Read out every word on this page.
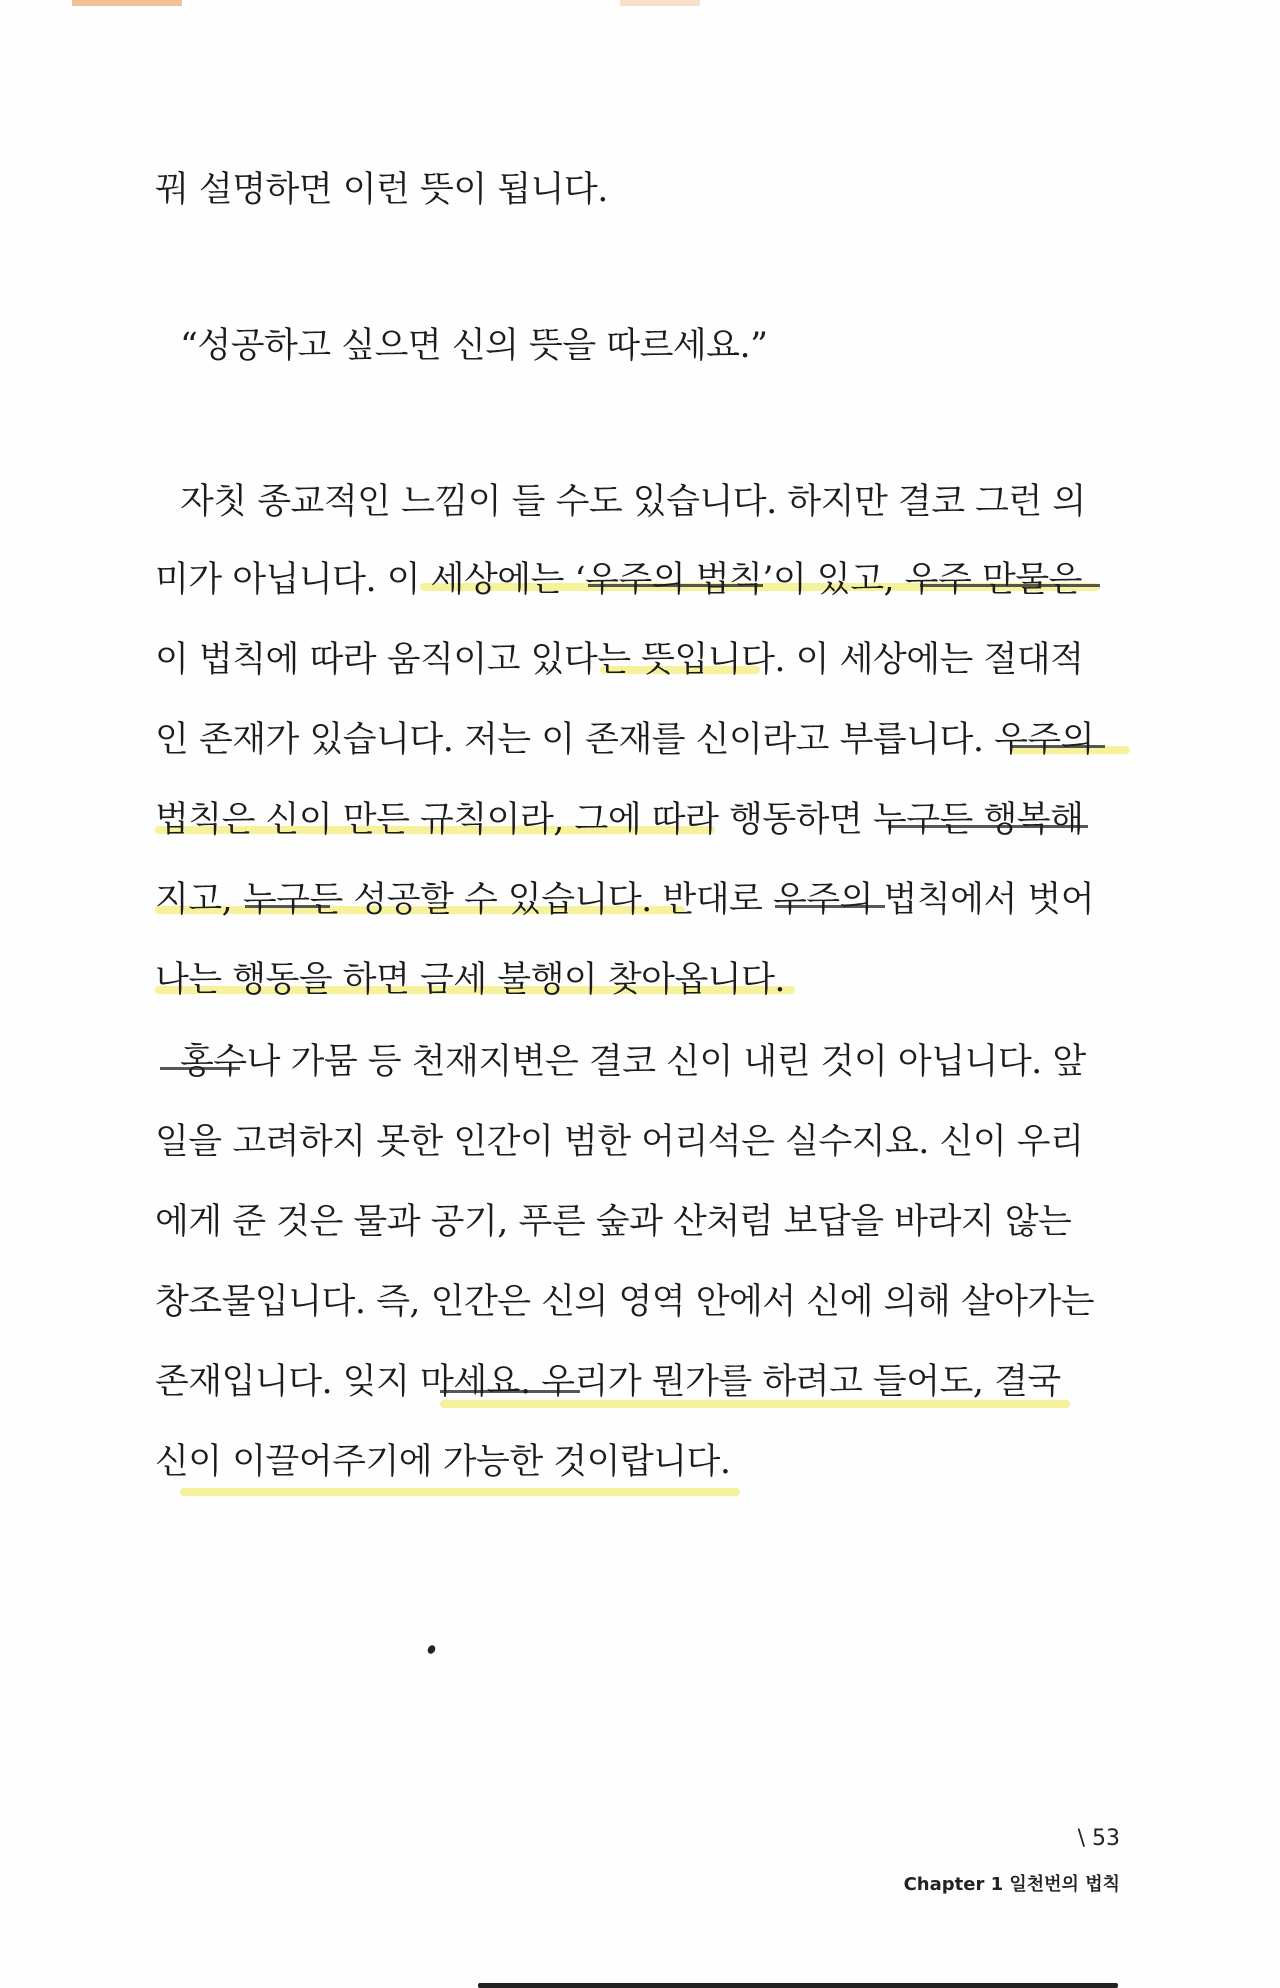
꿔 설명하면 이런 뜻이 됩니다.
“성공하고 싶으면 신의 뜻을 따르세요.”
자칫 종교적인 느낌이 들 수도 있습니다. 하지만 결코 그런 의
미가 아닙니다. 이 세상에는 ‘우주의 법칙’이 있고, 우주 만물은
이 법칙에 따라 움직이고 있다는 뜻입니다. 이 세상에는 절대적
인 존재가 있습니다. 저는 이 존재를 신이라고 부릅니다. 우주의
법칙은 신이 만든 규칙이라, 그에 따라 행동하면 누구든 행복해
지고, 누구든 성공할 수 있습니다. 반대로 우주의 법칙에서 벗어
나는 행동을 하면 금세 불행이 찾아옵니다.
홍수나 가뭄 등 천재지변은 결코 신이 내린 것이 아닙니다. 앞
일을 고려하지 못한 인간이 범한 어리석은 실수지요. 신이 우리
에게 준 것은 물과 공기, 푸른 숲과 산처럼 보답을 바라지 않는
창조물입니다. 즉, 인간은 신의 영역 안에서 신에 의해 살아가는
존재입니다. 잊지 마세요. 우리가 뭔가를 하려고 들어도, 결국
신이 이끌어주기에 가능한 것이랍니다.
\ 53
Chapter 1 일천번의 법칙
